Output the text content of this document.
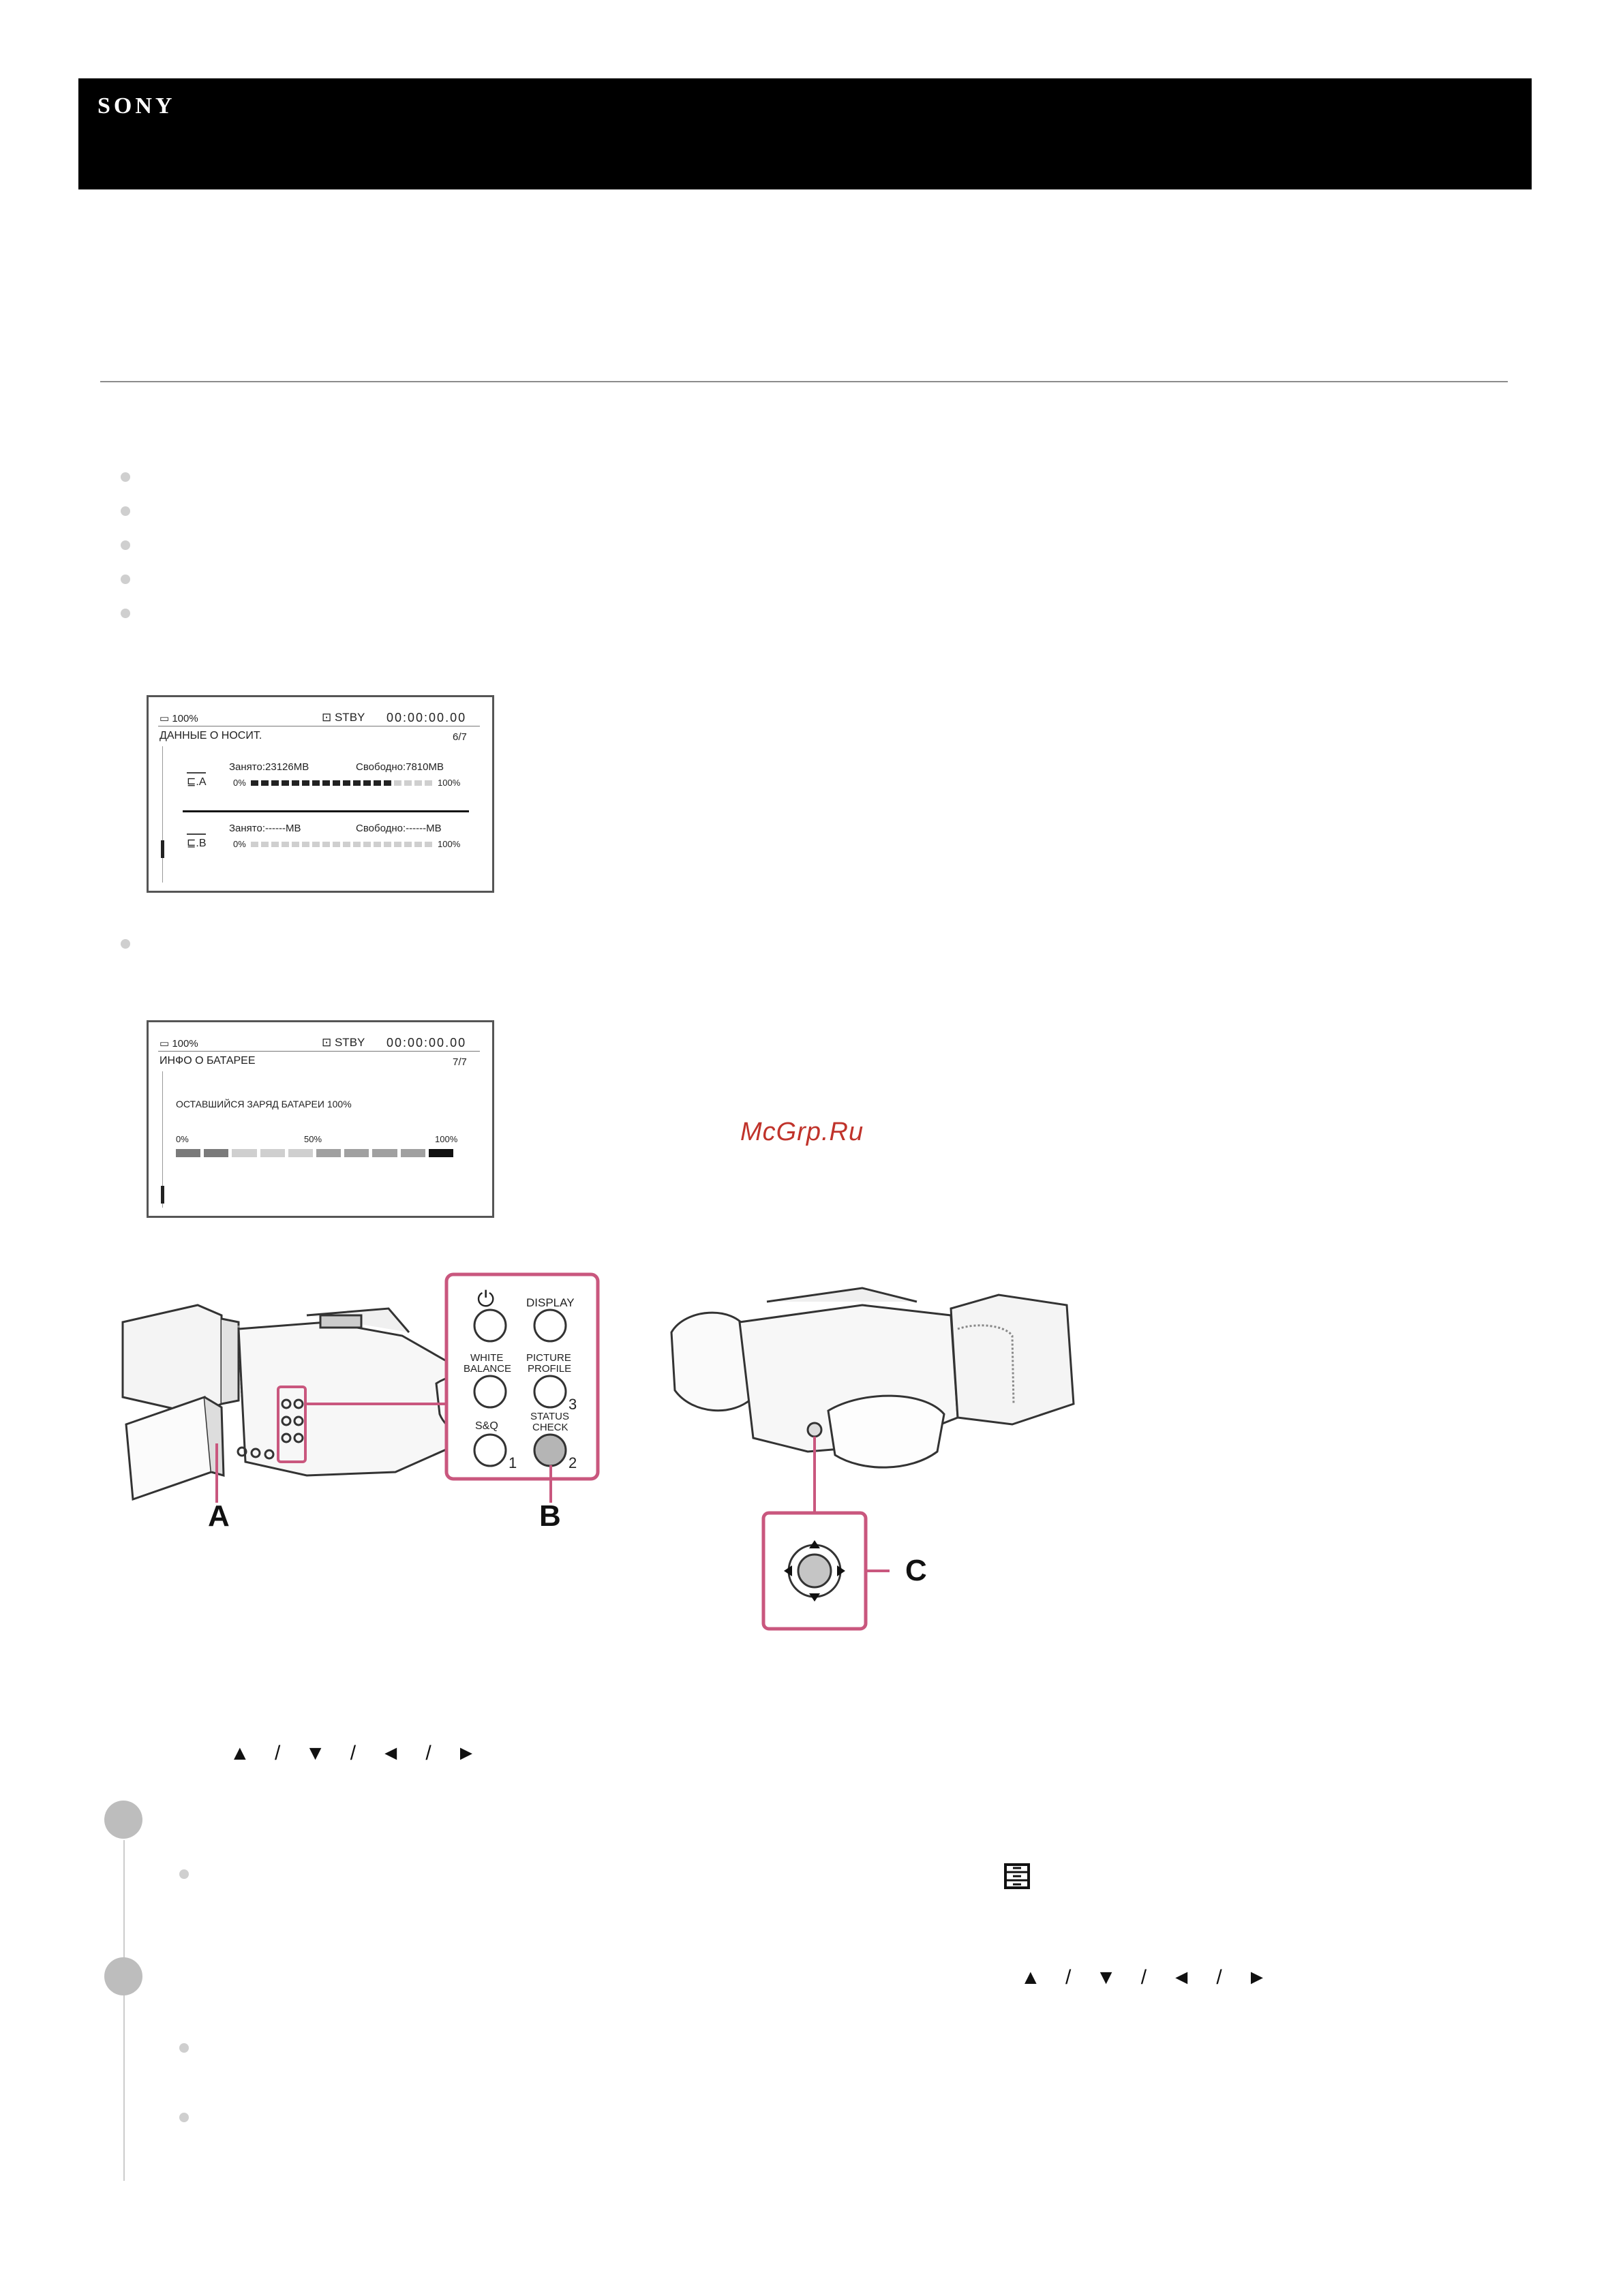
SONY
▭ 100%	⊡ STBY 00:00:00.00
ДАННЫЕ О НОСИТ.	6/7
⊑.A
Занято:23126MB	Свободно:7810MB
0%	100%
⊑.B
Занято:------MB	Свободно:------MB
0%	100%
▭ 100%	⊡ STBY 00:00:00.00
ИНФО О БАТАРЕЕ	7/7
ОСТАВШИЙСЯ ЗАРЯД БАТАРЕИ 100%
0%	50%	100%	McGrp.Ru
⏻	DISPLAY
WHITE
BALANCE
PICTURE
PROFILE
3
S&Q
STATUS
CHECK
1	2
A	B
C
▲ / ▼ / ◄ / ►
▲ / ▼ / ◄ / ►
